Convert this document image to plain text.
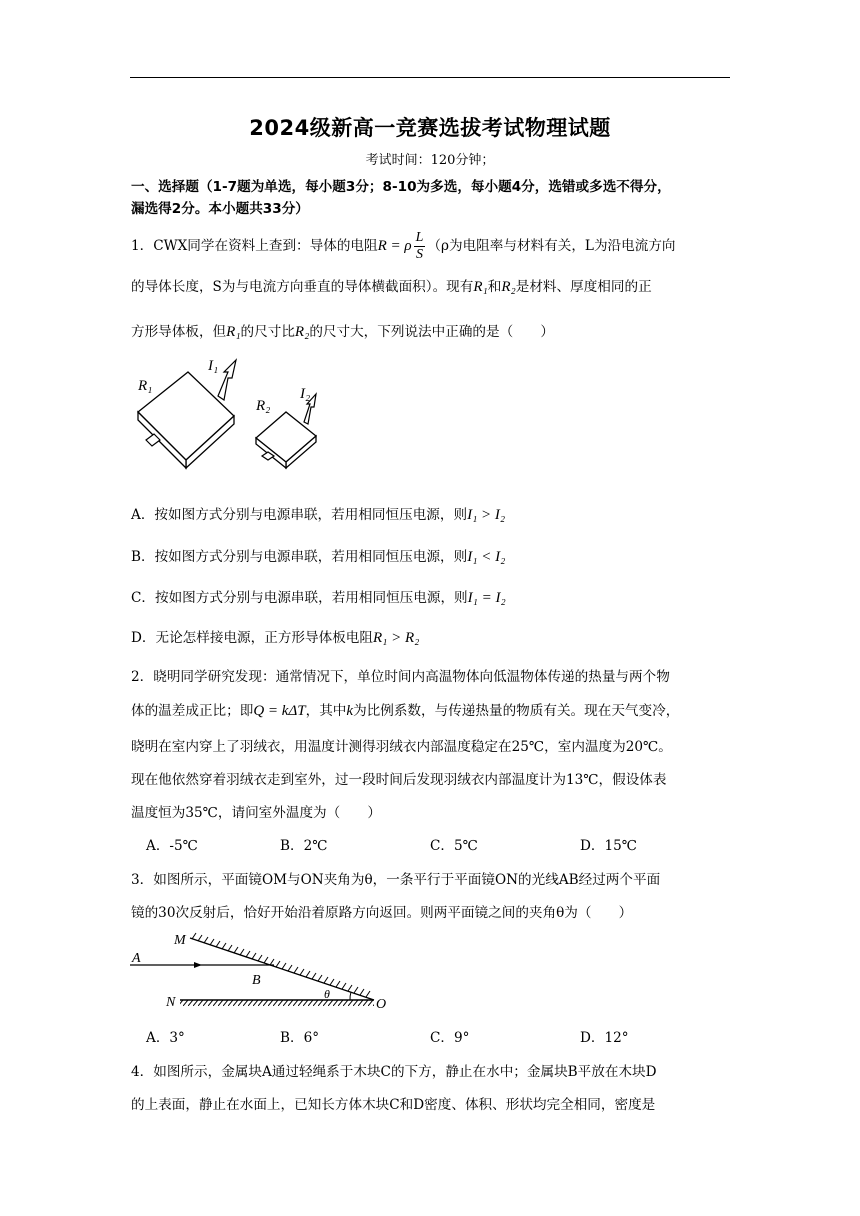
2024级新高一竞赛选拔考试物理试题
考试时间：120分钟；
一、选择题（1-7题为单选，每小题3分；8-10为多选，每小题4分，选错或多选不得分，
漏选得2分。本小题共33分）
1．CWX同学在资料上查到：导体的电阻R = ρ $\frac{L}{S} (\rho$为电阻率与材料有关，L为沿电流方向
的导体长度，S为与电流方向垂直的导体横截面积）。现有R₁和R₂是材料、厚度相同的正
方形导体板，但R₁的尺寸比R₂的尺寸大，下列说法中正确的是（　　）
R₁
I₁
R₂
I₂
A．按如图方式分别与电源串联，若用相同恒压电源，则I₁ > I₂
B．按如图方式分别与电源串联，若用相同恒压电源，则I₁ < I₂
C．按如图方式分别与电源串联，若用相同恒压电源，则I₁ = I₂
D．无论怎样接电源，正方形导体板电阻R₁ > R₂
2．晓明同学研究发现：通常情况下，单位时间内高温物体向低温物体传递的热量与两个物
体的温差成正比；即Q = kΔT，其中k为比例系数，与传递热量的物质有关。现在天气变冷，
晓明在室内穿上了羽绒衣，用温度计测得羽绒衣内部温度稳定在25℃，室内温度为20℃。
现在他依然穿着羽绒衣走到室外，过一段时间后发现羽绒衣内部温度计为13℃，假设体表
温度恒为35℃，请问室外温度为（　　）
A．-5℃	B．2℃	C．5℃	D．15℃
3．如图所示，平面镜OM与ON夹角为θ，一条平行于平面镜ON的光线AB经过两个平面
镜的30次反射后，恰好开始沿着原路方向返回。则两平面镜之间的夹角θ为（　　）
M
A
B
N
θ
O
A．3°	B．6°	C．9°	D．12°
4．如图所示，金属块A通过轻绳系于木块C的下方，静止在水中；金属块B平放在木块D
的上表面，静止在水面上，已知长方体木块C和D密度、体积、形状均完全相同，密度是
